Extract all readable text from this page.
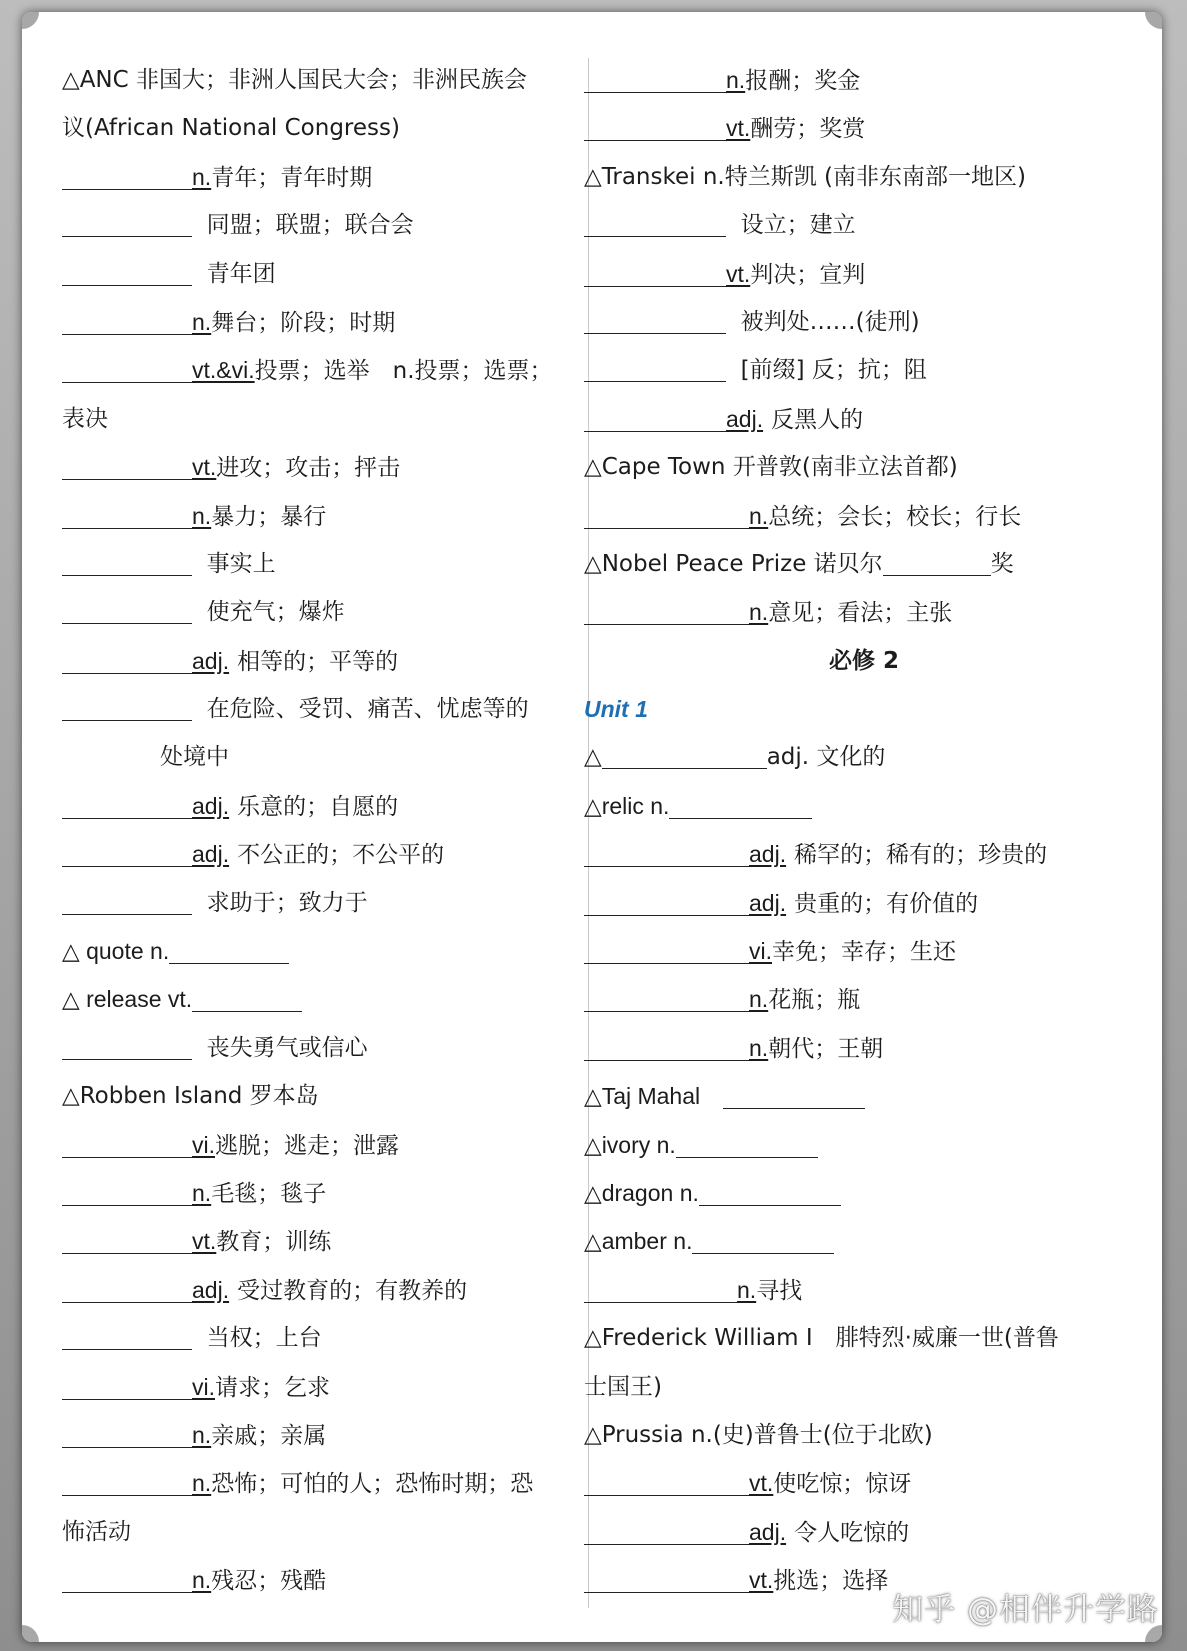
△ANC 非国大；非洲人国民大会；非洲民族会
议(African National Congress)
n.青年；青年时期
同盟；联盟；联合会
青年团
n.舞台；阶段；时期
vt.&vi.投票；选举　n.投票；选票；
表决
vt.进攻；攻击；抨击
n.暴力；暴行
事实上
使充气；爆炸
adj. 相等的；平等的
在危险、受罚、痛苦、忧虑等的
处境中
adj. 乐意的；自愿的
adj. 不公正的；不公平的
求助于；致力于
△ quote n.
△ release vt.
丧失勇气或信心
△Robben Island 罗本岛
vi.逃脱；逃走；泄露
n.毛毯；毯子
vt.教育；训练
adj. 受过教育的；有教养的
当权；上台
vi.请求；乞求
n.亲戚；亲属
n.恐怖；可怕的人；恐怖时期；恐
怖活动
n.残忍；残酷
n.报酬；奖金
vt.酬劳；奖赏
△Transkei n.特兰斯凯 (南非东南部一地区)
设立；建立
vt.判决；宣判
被判处……(徒刑)
[前缀] 反；抗；阻
adj. 反黑人的
△Cape Town 开普敦(南非立法首都)
n.总统；会长；校长；行长
△Nobel Peace Prize 诺贝尔	奖
n.意见；看法；主张
必修 2
Unit 1
△	adj. 文化的
△relic n.
adj. 稀罕的；稀有的；珍贵的
adj. 贵重的；有价值的
vi.幸免；幸存；生还
n.花瓶；瓶
n.朝代；王朝
△Taj Mahal　
△ivory n.
△dragon n.
△amber n.
n.寻找
△Frederick William I　腓特烈·威廉一世(普鲁
士国王)
△Prussia n.(史)普鲁士(位于北欧)
vt.使吃惊；惊讶
adj. 令人吃惊的
vt.挑选；选择
知乎 @相伴升学路
